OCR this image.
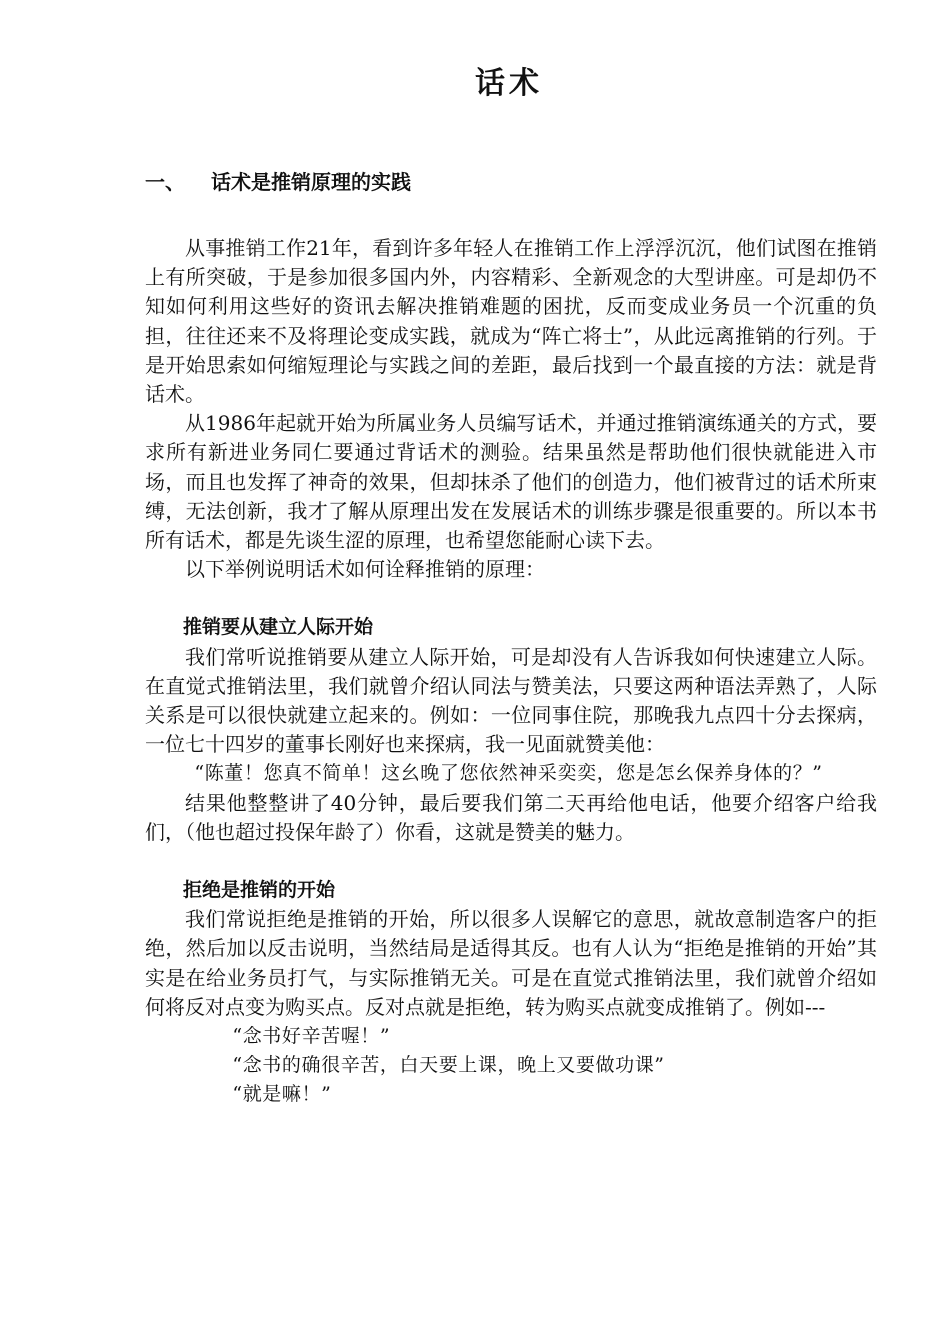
话术
一、 话术是推销原理的实践

从事推销工作21年，看到许多年轻人在推销工作上浮浮沉沉，他们试图在推销上有所突破，于是参加很多国内外，内容精彩、全新观念的大型讲座。可是却仍不知如何利用这些好的资讯去解决推销难题的困扰，反而变成业务员一个沉重的负担，往往还来不及将理论变成实践，就成为“阵亡将士”，从此远离推销的行列。于是开始思索如何缩短理论与实践之间的差距，最后找到一个最直接的方法：就是背话术。

从1986年起就开始为所属业务人员编写话术，并通过推销演练通关的方式，要求所有新进业务同仁要通过背话术的测验。结果虽然是帮助他们很快就能进入市场，而且也发挥了神奇的效果，但却抹杀了他们的创造力，他们被背过的话术所束缚，无法创新，我才了解从原理出发在发展话术的训练步骤是很重要的。所以本书所有话术，都是先谈生涩的原理，也希望您能耐心读下去。

以下举例说明话术如何诠释推销的原理：

推销要从建立人际开始

我们常听说推销要从建立人际开始，可是却没有人告诉我如何快速建立人际。在直觉式推销法里，我们就曾介绍认同法与赞美法，只要这两种语法弄熟了，人际关系是可以很快就建立起来的。例如：一位同事住院，那晚我九点四十分去探病，一位七十四岁的董事长刚好也来探病，我一见面就赞美他：

“陈董！您真不简单！这幺晚了您依然神采奕奕，您是怎幺保养身体的？”

结果他整整讲了40分钟，最后要我们第二天再给他电话，他要介绍客户给我们，（他也超过投保年龄了）你看，这就是赞美的魅力。

拒绝是推销的开始

我们常说拒绝是推销的开始，所以很多人误解它的意思，就故意制造客户的拒绝，然后加以反击说明，当然结局是适得其反。也有人认为“拒绝是推销的开始”其实是在给业务员打气，与实际推销无关。可是在直觉式推销法里，我们就曾介绍如何将反对点变为购买点。反对点就是拒绝，转为购买点就变成推销了。例如---

“念书好辛苦喔！”

“念书的确很辛苦，白天要上课，晚上又要做功课”

“就是嘛！”
